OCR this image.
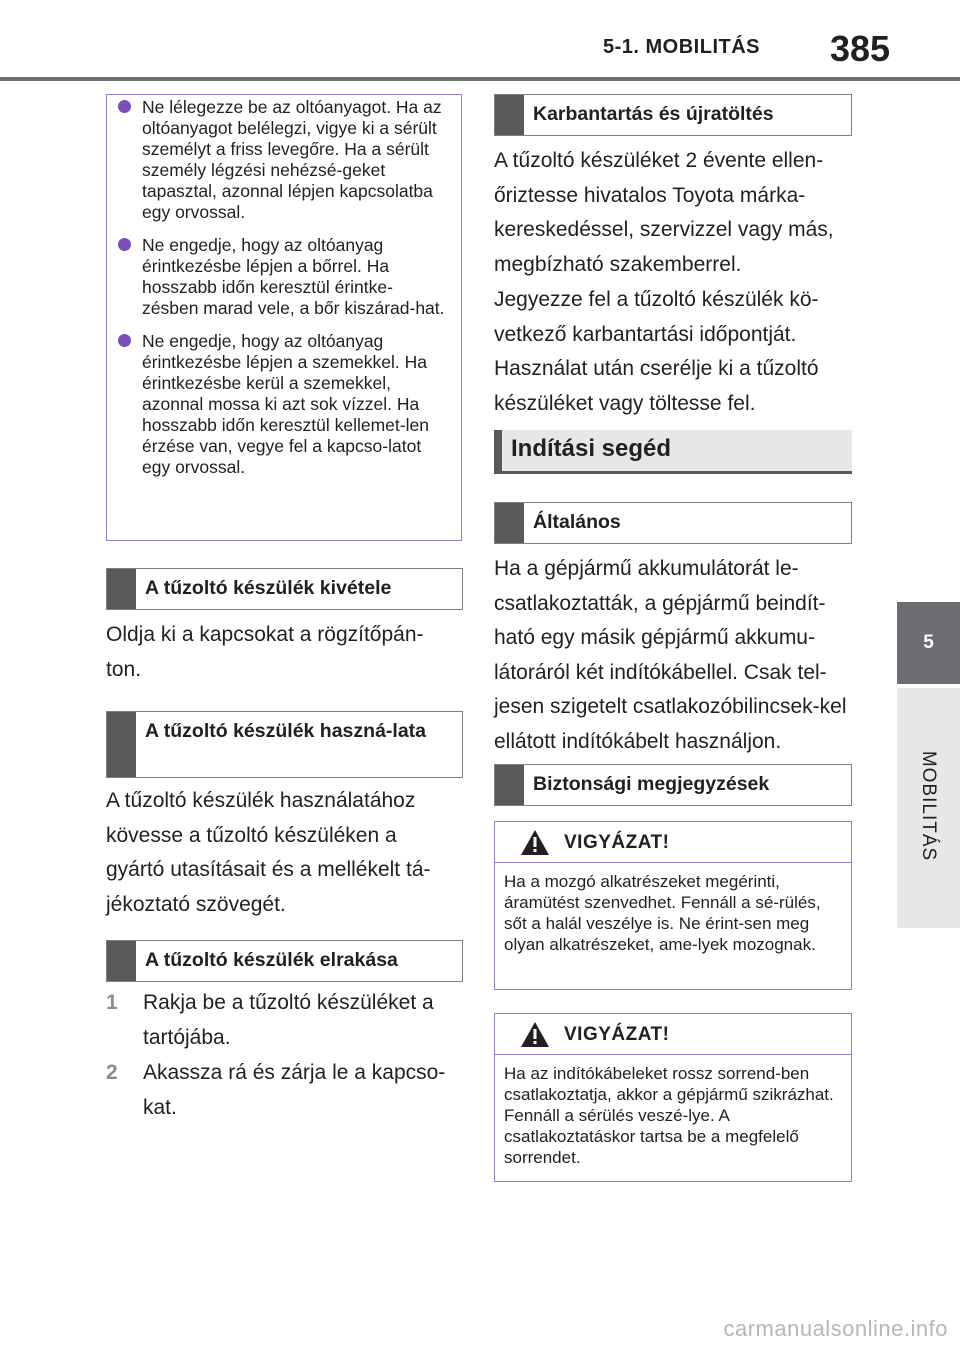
5-1. MOBILITÁS 385
5
MOBILITÁS
Ne lélegezze be az oltóanyagot. Ha az oltóanyagot belélegzi, vigye ki a sérült személyt a friss levegőre. Ha a sérült személy légzési nehézsé-geket tapasztal, azonnal lépjen kapcsolatba egy orvossal.
Ne engedje, hogy az oltóanyag érintkezésbe lépjen a bőrrel. Ha hosszabb időn keresztül érintke-zésben marad vele, a bőr kiszárad-hat.
Ne engedje, hogy az oltóanyag érintkezésbe lépjen a szemekkel. Ha érintkezésbe kerül a szemekkel, azonnal mossa ki azt sok vízzel. Ha hosszabb időn keresztül kellemet-len érzése van, vegye fel a kapcso-latot egy orvossal.
A tűzoltó készülék kivétele

Oldja ki a kapcsokat a rögzítőpán-ton.

A tűzoltó készülék haszná-lata

A tűzoltó készülék használatához kövesse a tűzoltó készüléken a gyártó utasításait és a mellékelt tá-jékoztató szövegét.

A tűzoltó készülék elrakása
1 Rakja be a tűzoltó készüléket a tartójába.
2 Akassza rá és zárja le a kapcso-kat.
Karbantartás és újratöltés

A tűzoltó készüléket 2 évente ellen-őriztesse hivatalos Toyota márka-kereskedéssel, szervizzel vagy más, megbízható szakemberrel.

Jegyezze fel a tűzoltó készülék kö-vetkező karbantartási időpontját.

Használat után cserélje ki a tűzoltó készüléket vagy töltesse fel.

Indítási segéd
Általános

Ha a gépjármű akkumulátorát le-csatlakoztatták, a gépjármű beindít-ható egy másik gépjármű akkumu-látoráról két indítókábellel. Csak tel-jesen szigetelt csatlakozóbilincsek-kel ellátott indítókábelt használjon.

Biztonsági megjegyzések
VIGYÁZAT!
Ha a mozgó alkatrészeket megérinti, áramütést szenvedhet. Fennáll a sé-rülés, sőt a halál veszélye is. Ne érint-sen meg olyan alkatrészeket, ame-lyek mozognak.
VIGYÁZAT!
Ha az indítókábeleket rossz sorrend-ben csatlakoztatja, akkor a gépjármű szikrázhat. Fennáll a sérülés veszé-lye. A csatlakoztatáskor tartsa be a megfelelő sorrendet.
carmanualsonline.info
